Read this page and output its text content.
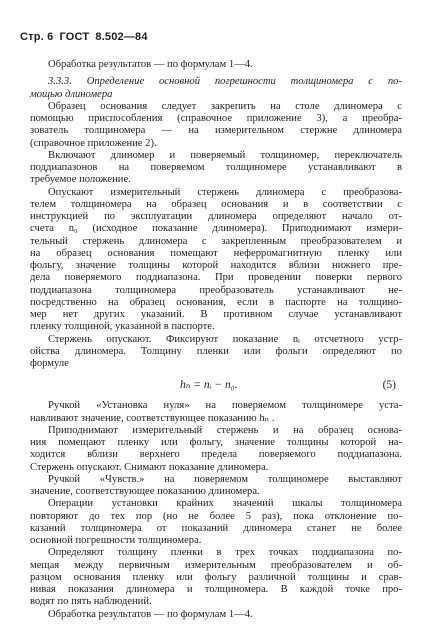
Стр. 6 ГОСТ 8.502—84
Обработка результатов — по формулам 1—4.
3.3.3. Определение основной погрешности толщиномера с по-
мощью длиномера
Образец основания следует закрепить на столе длиномера с
помощью приспособления (справочное приложение 3), а преобра-
зователь толщиномера — на измерительном стержне длиномера
(справочное приложение 2).
Включают длиномер и поверяемый толщиномер, переключатель
поддиапазонов на поверяемом толщиномере устанавливают в
требуемое положение.
Опускают измерительный стержень длиномера с преобразова-
телем толщиномера на образец основания и в соответствии с
инструкцией по эксплуатации длиномера определяют начало от-
счета n₀ (исходное показание длиномера). Приподнимают измери-
тельный стержень длиномера с закрепленным преобразователем и
на образец основания помещают неферромагнитную пленку или
фольгу, значение толщины которой находится вблизи нижнего пре-
дела поверяемого поддиапазона. При проведении поверки первого
поддиапазона толщиномера преобразователь устанавливают не-
посредственно на образец основания, если в паспорте на толщино-
мер нет других указаний. В противном случае устанавливают
пленку толщиной, указанной в паспорте.
Стержень опускают. Фиксируют показание nᵢ отсчетного устр-
ойства длиномера. Толщину пленки или фольги определяют по
формуле
hₙ = nᵢ − n₀.	(5)
Ручкой «Установка нуля» на поверяемом толщиномере уста-
навливают значение, соответствующее показанию hₙ .
Приподнимают измерительный стержень и на образец основа-
ния помещают пленку или фольгу, значение толщины которой на-
ходится вблизи верхнего предела поверяемого поддиапазона.
Стержень опускают. Снимают показание длиномера.
Ручкой «Чувств.» на поверяемом толщиномере выставляют
значение, соответствующее показанию длиномера.
Операции установки крайних значений шкалы толщиномера
повторяют до тех пор (но не более 5 раз), пока отклонение по-
казаний толщиномера от показаний длиномера станет не более
основной погрешности толщиномера.
Определяют толщину пленки в трех точках поддиапазона по-
мещая между первичным измерительным преобразователем и об-
разцом основания пленку или фольгу различной толщины и срав-
нивая показания длиномера и толщиномера. В каждой точке про-
водят по пять наблюдений.
Обработка результатов — по формулам 1—4.
